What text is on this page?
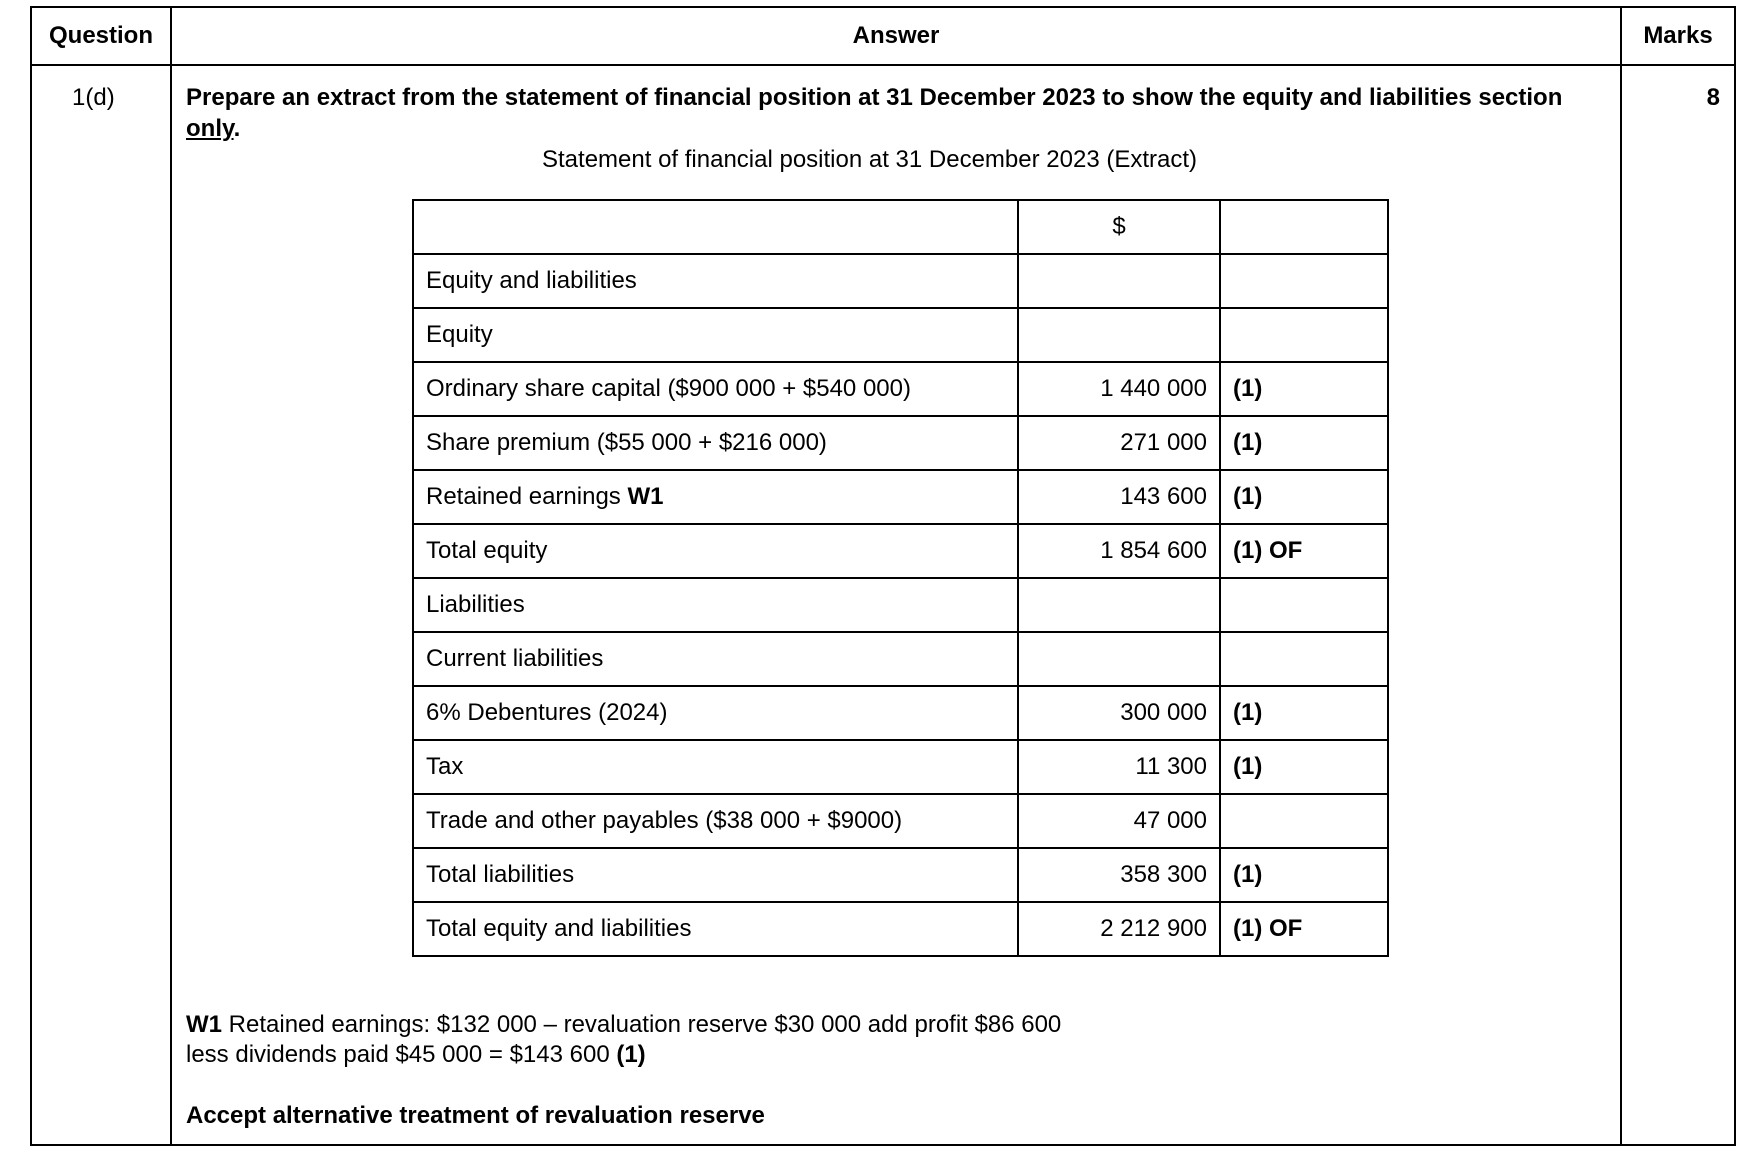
Question	Answer	Marks
1(d)	8
Prepare an extract from the statement of financial position at 31 December 2023 to show the equity and liabilities section only.
Statement of financial position at 31 December 2023 (Extract)
	$	
Equity and liabilities		
Equity		
Ordinary share capital ($900 000 + $540 000)	1 440 000	(1)
Share premium ($55 000 + $216 000)	271 000	(1)
Retained earnings W1	143 600	(1)
Total equity	1 854 600	(1) OF
Liabilities		
Current liabilities		
6% Debentures (2024)	300 000	(1)
Tax	11 300	(1)
Trade and other payables ($38 000 + $9000)	47 000	
Total liabilities	358 300	(1)
Total equity and liabilities	2 212 900	(1) OF
W1 Retained earnings: $132 000 – revaluation reserve $30 000 add profit $86 600
less dividends paid $45 000 = $143 600 (1)
Accept alternative treatment of revaluation reserve
